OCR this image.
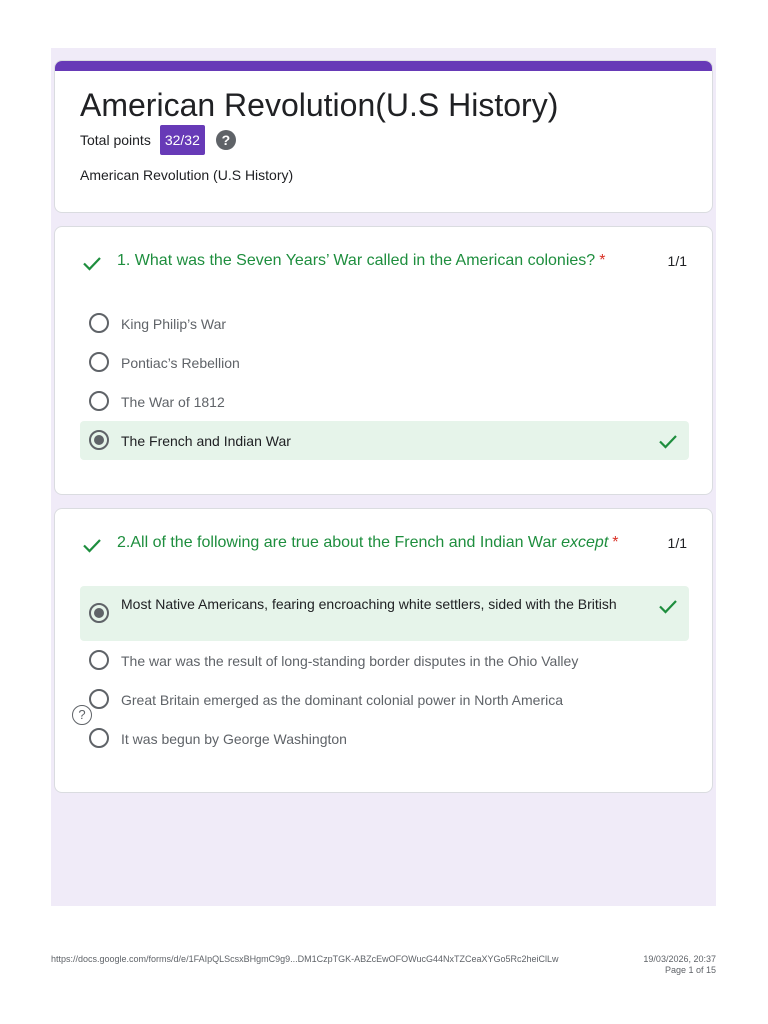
American Revolution(U.S History)
Total points	32/32	?
American Revolution (U.S History)
1. What was the Seven Years’ War called in the American colonies? *	1/1
King Philip’s War
Pontiac’s Rebellion
The War of 1812
The French and Indian War
2.All of the following are true about the French and Indian War except *	1/1
Most Native Americans, fearing encroaching white settlers, sided with the British
The war was the result of long-standing border disputes in the Ohio Valley
Great Britain emerged as the dominant colonial power in North America
It was begun by George Washington
?
https://docs.google.com/forms/d/e/1FAIpQLScsxBHgmC9g9...DM1CzpTGK-ABZcEwOFOWucG44NxTZCeaXYGo5Rc2heiClLw	19/03/2026, 20:37
Page 1 of 15
